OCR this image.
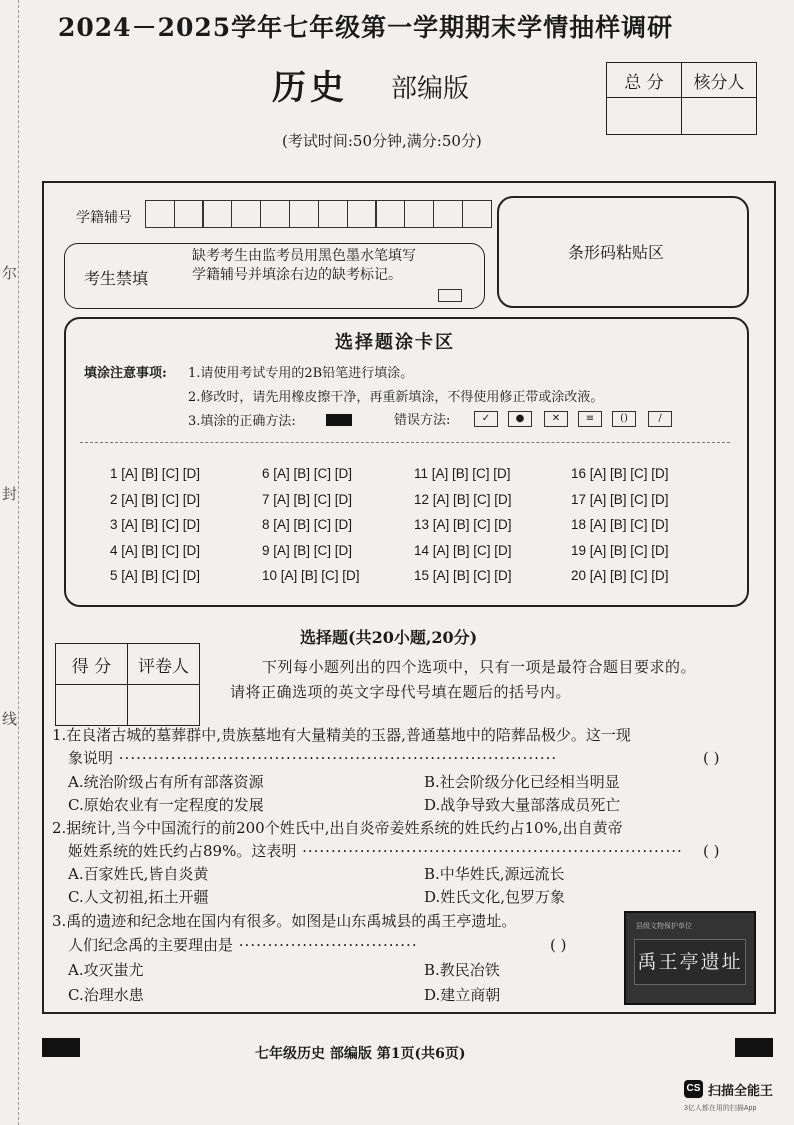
尔
封
线
2024－2025学年七年级第一学期期末学情抽样调研
历史 部编版
(考试时间:50分钟,满分:50分)
总 分	核分人

学籍辅号
条形码粘贴区
考生禁填
缺考考生由监考员用黑色墨水笔填写学籍辅号并填涂右边的缺考标记。
选择题涂卡区
填涂注意事项: 1.请使用考试专用的2B铅笔进行填涂。
2.修改时，请先用橡皮擦干净，再重新填涂，不得使用修正带或涂改液。
3.填涂的正确方法:	错误方法:	✓	●	✕	≡	()	/
1 [A] [B] [C] [D]
2 [A] [B] [C] [D]
3 [A] [B] [C] [D]
4 [A] [B] [C] [D]
5 [A] [B] [C] [D]
6 [A] [B] [C] [D]
7 [A] [B] [C] [D]
8 [A] [B] [C] [D]
9 [A] [B] [C] [D]
10 [A] [B] [C] [D]
11 [A] [B] [C] [D]
12 [A] [B] [C] [D]
13 [A] [B] [C] [D]
14 [A] [B] [C] [D]
15 [A] [B] [C] [D]
16 [A] [B] [C] [D]
17 [A] [B] [C] [D]
18 [A] [B] [C] [D]
19 [A] [B] [C] [D]
20 [A] [B] [C] [D]
选择题(共20小题,20分)
得 分	评卷人
		下列每小题列出的四个选项中，只有一项是最符合题目要求的。
请将正确选项的英文字母代号填在题后的括号内。
1.在良渚古城的墓葬群中,贵族墓地有大量精美的玉器,普通墓地中的陪葬品极少。这一现
象说明 ············································································	( )
A.统治阶级占有所有部落资源	B.社会阶级分化已经相当明显
C.原始农业有一定程度的发展	D.战争导致大量部落成员死亡
2.据统计,当今中国流行的前200个姓氏中,出自炎帝姜姓系统的姓氏约占10%,出自黄帝
姬姓系统的姓氏约占89%。这表明 ·································································· ( )
A.百家姓氏,皆自炎黄	B.中华姓氏,源远流长
C.人文初祖,拓土开疆	D.姓氏文化,包罗万象
3.禹的遗迹和纪念地在国内有很多。如图是山东禹城县的禹王亭遗址。
人们纪念禹的主要理由是 ·······························	( )
A.攻灭蚩尤	B.教民冶铁
C.治理水患	D.建立商朝
县级文物保护单位
禹王亭遗址
七年级历史 部编版 第1页(共6页)
CS 扫描全能王
3亿人都在用的扫描App
